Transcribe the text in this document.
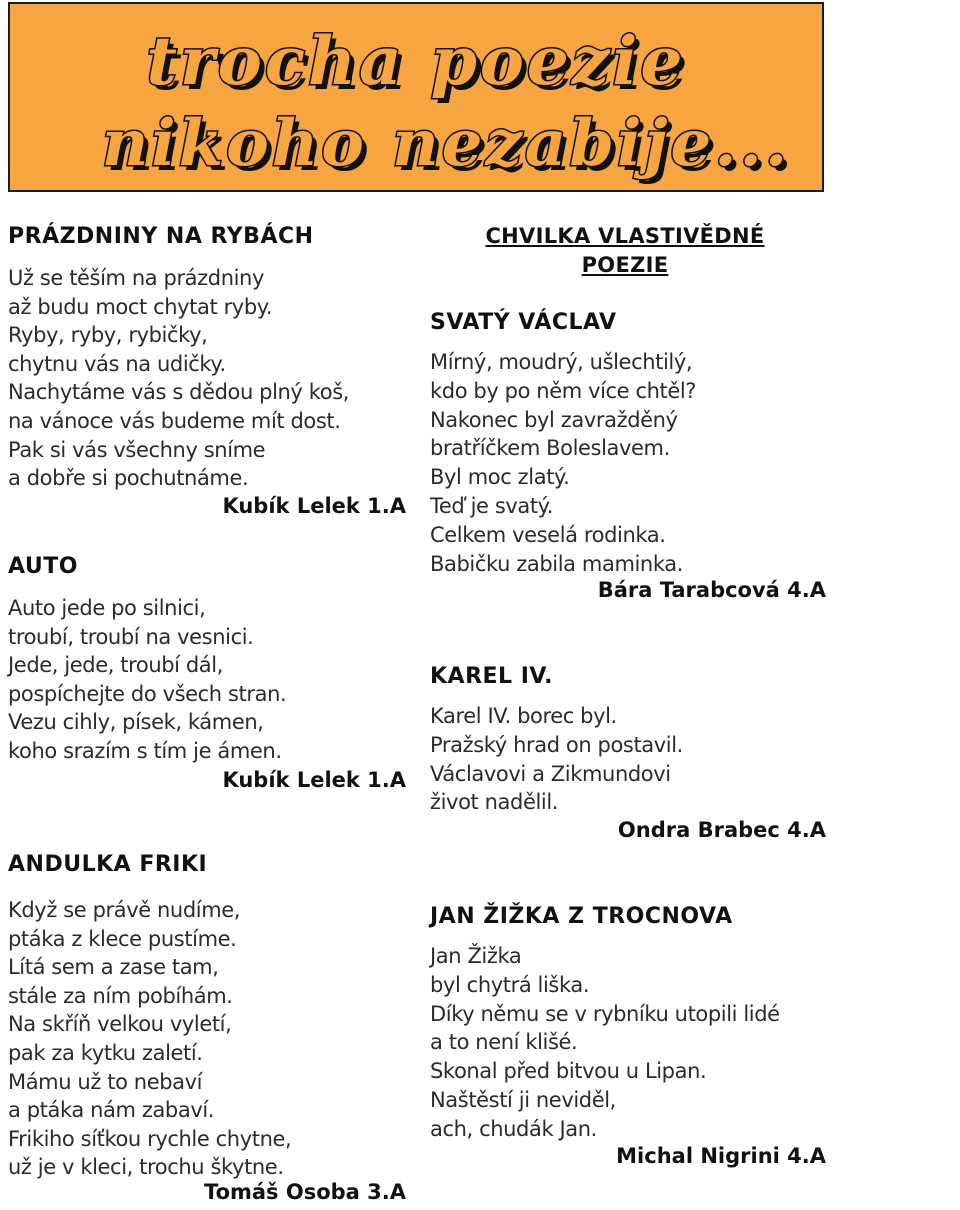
trocha poezie
nikoho nezabije...
PRÁZDNINY NA RYBÁCH
Už se těším na prázdniny
až budu moct chytat ryby.
Ryby, ryby, rybičky,
chytnu vás na udičky.
Nachytáme vás s dědou plný koš,
na vánoce vás budeme mít dost.
Pak si vás všechny sníme
a dobře si pochutnáme.
Kubík Lelek 1.A
AUTO
Auto jede po silnici,
troubí, troubí na vesnici.
Jede, jede, troubí dál,
pospíchejte do všech stran.
Vezu cihly, písek, kámen,
koho srazím s tím je ámen.
Kubík Lelek 1.A
ANDULKA FRIKI
Když se právě nudíme,
ptáka z klece pustíme.
Lítá sem a zase tam,
stále za ním pobíhám.
Na skříň velkou vyletí,
pak za kytku zaletí.
Mámu už to nebaví
a ptáka nám zabaví.
Frikiho síťkou rychle chytne,
už je v kleci, trochu škytne.
Tomáš Osoba 3.A
CHVILKA VLASTIVĚDNÉ
POEZIE
SVATÝ VÁCLAV
Mírný, moudrý, ušlechtilý,
kdo by po něm více chtěl?
Nakonec byl zavražděný
bratříčkem Boleslavem.
Byl moc zlatý.
Teď je svatý.
Celkem veselá rodinka.
Babičku zabila maminka.
Bára Tarabcová 4.A
KAREL IV.
Karel IV. borec byl.
Pražský hrad on postavil.
Václavovi a Zikmundovi
život nadělil.
Ondra Brabec 4.A
JAN ŽIŽKA Z TROCNOVA
Jan Žižka
byl chytrá liška.
Díky němu se v rybníku utopili lidé
a to není klišé.
Skonal před bitvou u Lipan.
Naštěstí ji neviděl,
ach, chudák Jan.
Michal Nigrini 4.A
